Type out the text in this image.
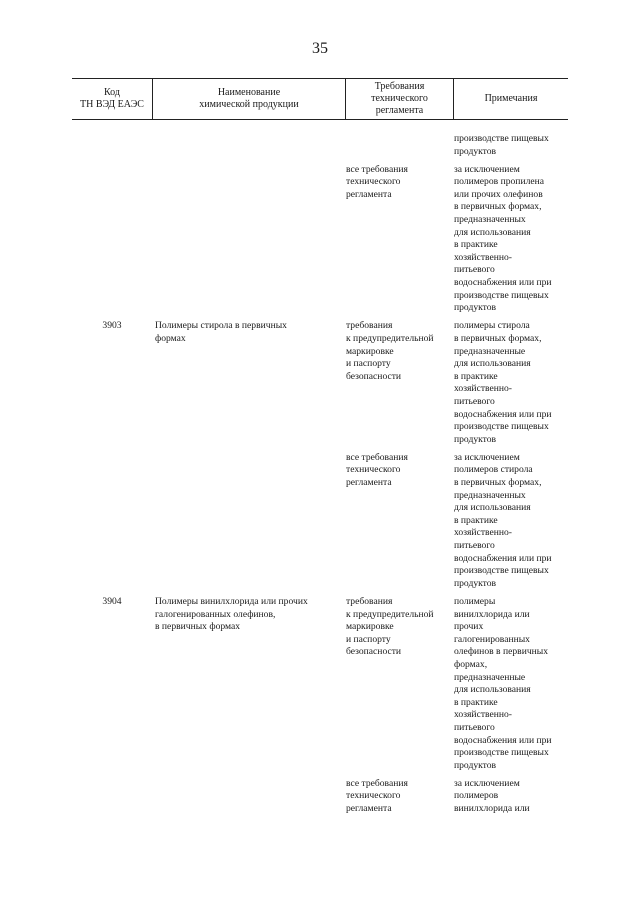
35
Код
ТН ВЭД ЕАЭС
Наименование
химической продукции
Требования
технического
регламента
Примечания
производстве пищевых
продуктов
все требования
технического
регламента
за исключением
полимеров пропилена
или прочих олефинов
в первичных формах,
предназначенных
для использования
в практике
хозяйственно-
питьевого
водоснабжения или при
производстве пищевых
продуктов
3903	Полимеры стирола в первичных
формах
требования
к предупредительной
маркировке
и паспорту
безопасности
полимеры стирола
в первичных формах,
предназначенные
для использования
в практике
хозяйственно-
питьевого
водоснабжения или при
производстве пищевых
продуктов
все требования
технического
регламента
за исключением
полимеров стирола
в первичных формах,
предназначенных
для использования
в практике
хозяйственно-
питьевого
водоснабжения или при
производстве пищевых
продуктов
3904	Полимеры винилхлорида или прочих
галогенированных олефинов,
в первичных формах
требования
к предупредительной
маркировке
и паспорту
безопасности
полимеры
винилхлорида или
прочих
галогенированных
олефинов в первичных
формах,
предназначенные
для использования
в практике
хозяйственно-
питьевого
водоснабжения или при
производстве пищевых
продуктов
все требования
технического
регламента
за исключением
полимеров
винилхлорида или
